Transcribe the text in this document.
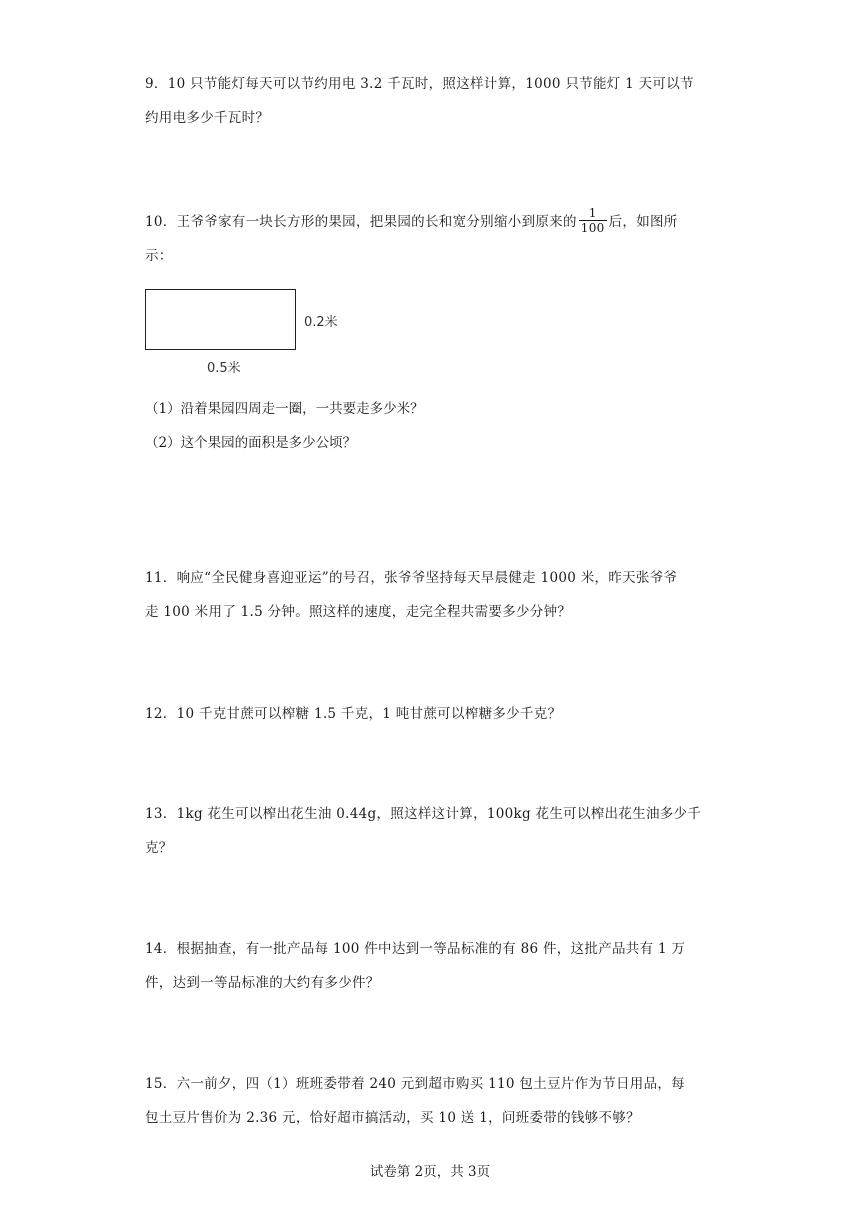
9．10 只节能灯每天可以节约用电 3.2 千瓦时，照这样计算，1000 只节能灯 1 天可以节
约用电多少千瓦时？
10．王爷爷家有一块长方形的果园，把果园的长和宽分别缩小到原来的 $\frac{1}{100}$ 后，如图所
示：
0.2米
0.5米
（1）沿着果园四周走一圈，一共要走多少米？
（2）这个果园的面积是多少公顷？
11．响应“全民健身喜迎亚运”的号召，张爷爷坚持每天早晨健走 1000 米，昨天张爷爷
走 100 米用了 1.5 分钟。照这样的速度，走完全程共需要多少分钟？
12．10 千克甘蔗可以榨糖 1.5 千克，1 吨甘蔗可以榨糖多少千克？
13．1kg 花生可以榨出花生油 0.44g，照这样这计算，100kg 花生可以榨出花生油多少千
克？
14．根据抽查，有一批产品每 100 件中达到一等品标准的有 86 件，这批产品共有 1 万
件，达到一等品标准的大约有多少件？
15．六一前夕，四（1）班班委带着 240 元到超市购买 110 包土豆片作为节日用品，每
包土豆片售价为 2.36 元，恰好超市搞活动，买 10 送 1，问班委带的钱够不够？
试卷第 2页，共 3页
